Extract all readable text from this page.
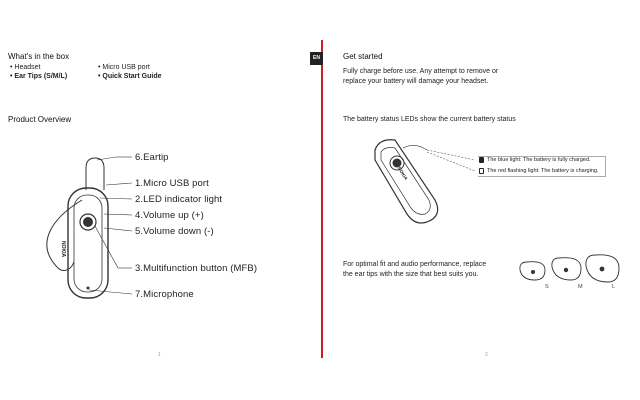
What's in the box
• Headset
• Ear Tips (S/M/L)
• Micro USB port
• Quick Start Guide
Product Overview
NOKIA
6.Eartip
1.Micro USB port
2.LED indicator light
4.Volume up (+)
5.Volume down (-)
3.Multifunction button (MFB)
7.Microphone
1
EN	Get started
Fully charge before use. Any attempt to remove or
replace your battery will damage your headset.
The battery status LEDs show the current battery status
For optimal fit and audio performance, replace
the ear tips with the size that best suits you.
2
NOKIA
The blue light: The battery is fully charged.
The red flashing light: The battery is charging.
S	M	L
